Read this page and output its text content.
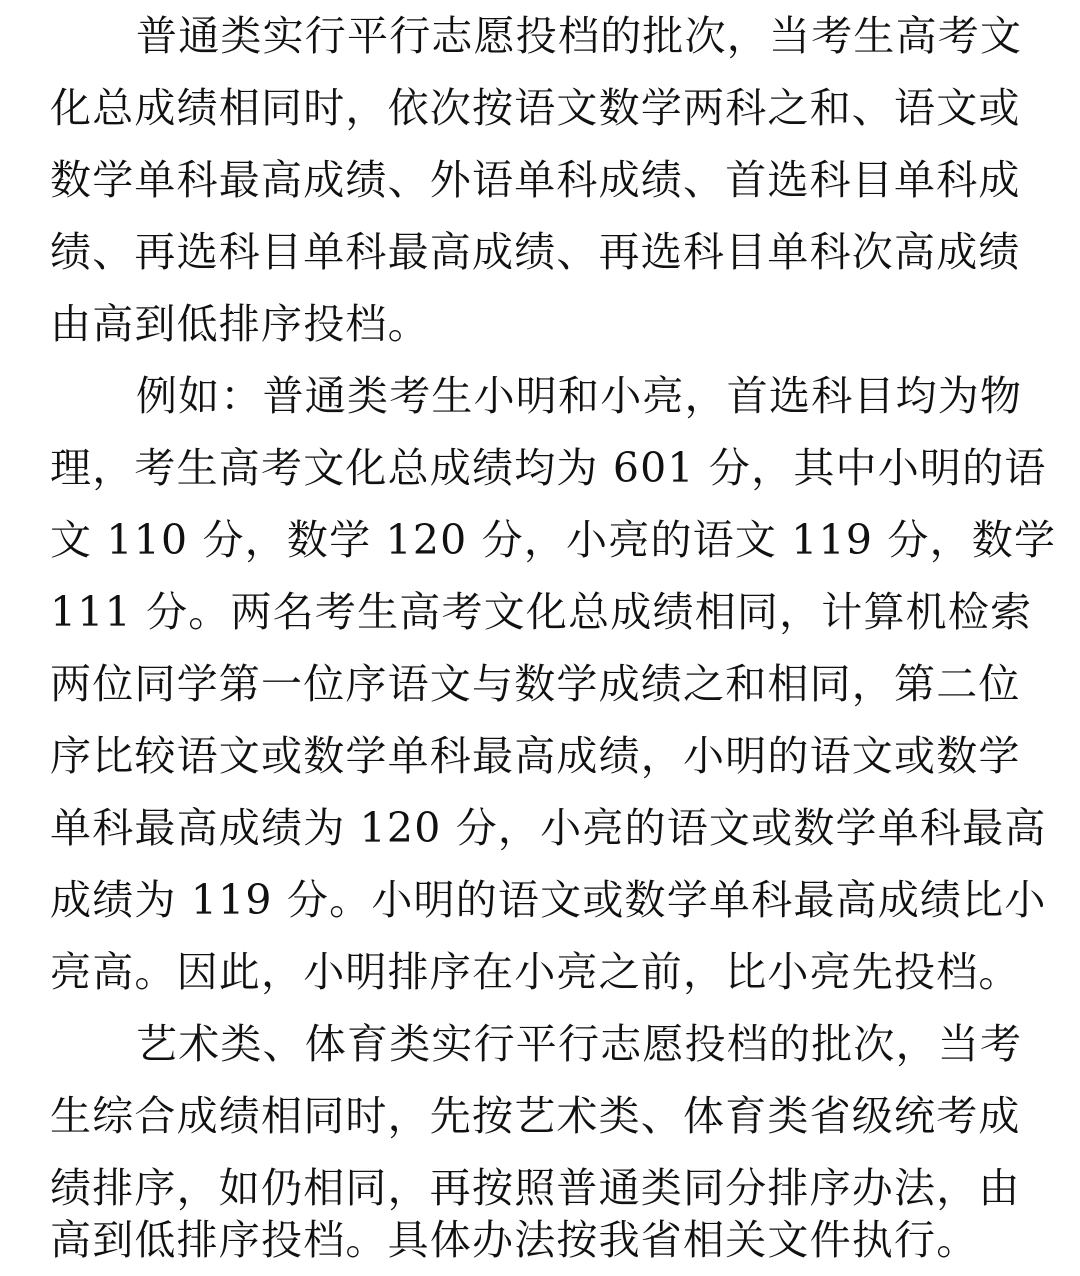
普通类实行平行志愿投档的批次，当考生高考文
化总成绩相同时，依次按语文数学两科之和、语文或
数学单科最高成绩、外语单科成绩、首选科目单科成
绩、再选科目单科最高成绩、再选科目单科次高成绩
由高到低排序投档。
例如：普通类考生小明和小亮，首选科目均为物
理，考生高考文化总成绩均为 601 分，其中小明的语
文 110 分，数学 120 分，小亮的语文 119 分，数学
111 分。两名考生高考文化总成绩相同，计算机检索
两位同学第一位序语文与数学成绩之和相同，第二位
序比较语文或数学单科最高成绩，小明的语文或数学
单科最高成绩为 120 分，小亮的语文或数学单科最高
成绩为 119 分。小明的语文或数学单科最高成绩比小
亮高。因此，小明排序在小亮之前，比小亮先投档。
艺术类、体育类实行平行志愿投档的批次，当考
生综合成绩相同时，先按艺术类、体育类省级统考成
绩排序，如仍相同，再按照普通类同分排序办法，由
高到低排序投档。具体办法按我省相关文件执行。
